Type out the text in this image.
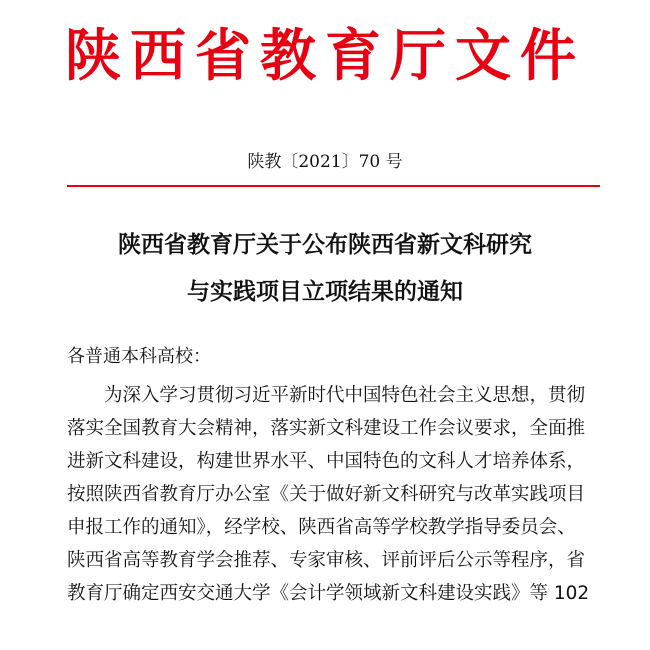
陕西省教育厅文件
陕教〔2021〕70 号
陕西省教育厅关于公布陕西省新文科研究
与实践项目立项结果的通知
各普通本科高校：
为深入学习贯彻习近平新时代中国特色社会主义思想，贯彻
落实全国教育大会精神，落实新文科建设工作会议要求，全面推
进新文科建设，构建世界水平、中国特色的文科人才培养体系，
按照陕西省教育厅办公室《关于做好新文科研究与改革实践项目
申报工作的通知》，经学校、陕西省高等学校教学指导委员会、
陕西省高等教育学会推荐、专家审核、评前评后公示等程序，省
教育厅确定西安交通大学《会计学领域新文科建设实践》等 102
